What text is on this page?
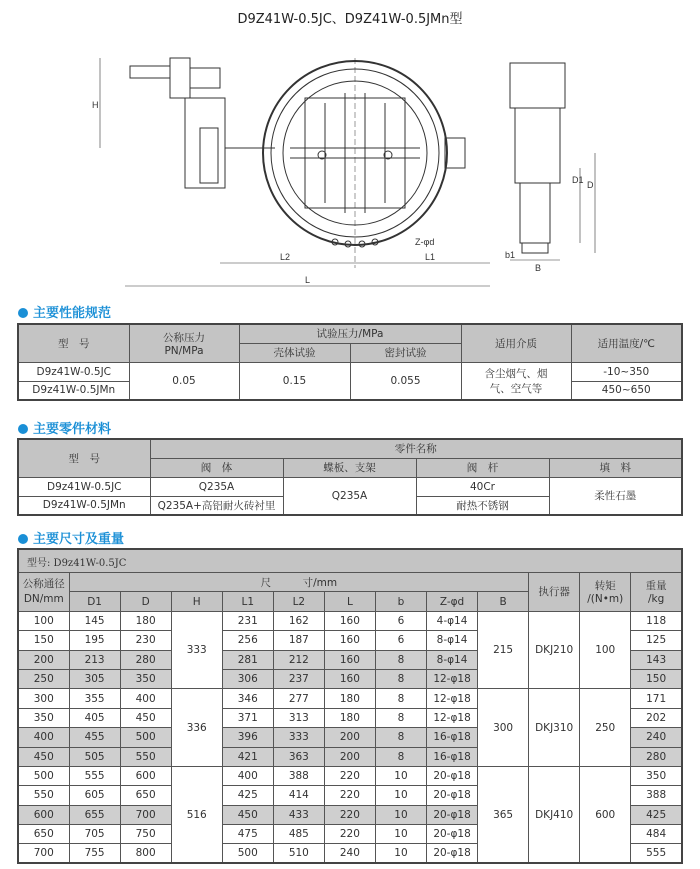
D9Z41W-0.5JC、D9Z41W-0.5JMn型
H
L2	L1
L
Z-φd
D1 D
b1
B
主要性能规范
型　号	公称压力
PN/MPa	试验压力/MPa		适用介质	适用温度/℃
		壳体试验	密封试验		
D9z41W-0.5JC	0.05	0.15	0.055	含尘烟气、烟气、空气等	-10~350
D9z41W-0.5JMn					450~650
主要零件材料
型　号	零件名称			
	阀　体	蝶板、支架	阀　杆	填　料
D9z41W-0.5JC	Q235A	Q235A	40Cr	柔性石墨
D9z41W-0.5JMn	Q235A+高铝耐火砖衬里		耐热不锈钢	
主要尺寸及重量
型号: D9z41W-0.5JC												
公称通径
DN/mm	尺　　　寸/mm									执行器	转矩
/(N•m)	重量
/kg
	D1	D	H	L1	L2	L	b	Z-φd	B			
100	145	180	333	231	162	160	6	4-φ14	215	DKJ210	100	118
150	195	230		256	187	160	6	8-φ14				125
200	213	280		281	212	160	8	8-φ14				143
250	305	350		306	237	160	8	12-φ18				150
300	355	400	336	346	277	180	8	12-φ18	300	DKJ310	250	171
350	405	450		371	313	180	8	12-φ18				202
400	455	500		396	333	200	8	16-φ18				240
450	505	550		421	363	200	8	16-φ18				280
500	555	600	516	400	388	220	10	20-φ18	365	DKJ410	600	350
550	605	650		425	414	220	10	20-φ18				388
600	655	700		450	433	220	10	20-φ18				425
650	705	750		475	485	220	10	20-φ18				484
700	755	800		500	510	240	10	20-φ18				555
